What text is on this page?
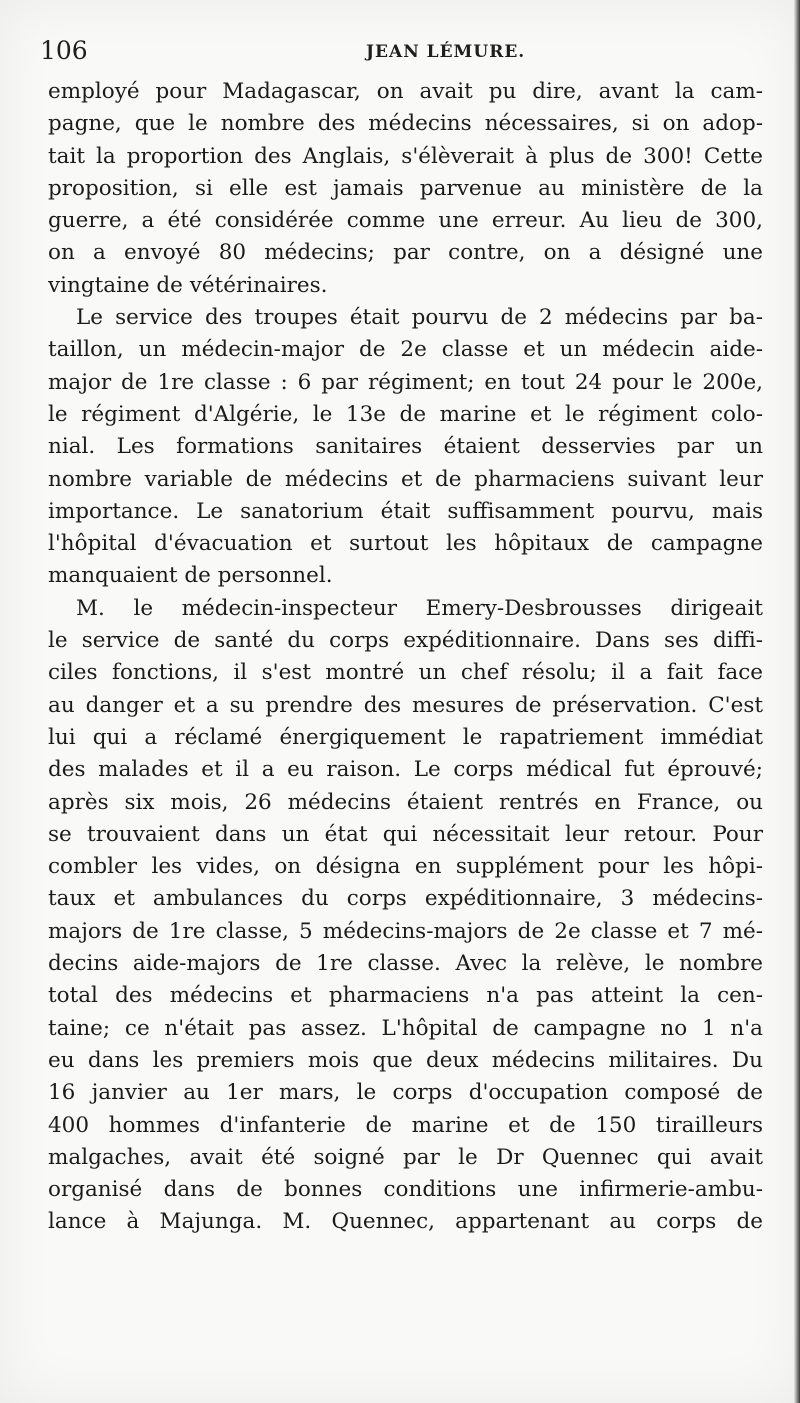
106	JEAN LÉMURE.
employé pour Madagascar, on avait pu dire, avant la cam-
pagne, que le nombre des médecins nécessaires, si on adop-
tait la proportion des Anglais, s'élèverait à plus de 300! Cette
proposition, si elle est jamais parvenue au ministère de la
guerre, a été considérée comme une erreur. Au lieu de 300,
on a envoyé 80 médecins; par contre, on a désigné une
vingtaine de vétérinaires.
Le service des troupes était pourvu de 2 médecins par ba-
taillon, un médecin-major de 2e classe et un médecin aide-
major de 1re classe : 6 par régiment; en tout 24 pour le 200e,
le régiment d'Algérie, le 13e de marine et le régiment colo-
nial. Les formations sanitaires étaient desservies par un
nombre variable de médecins et de pharmaciens suivant leur
importance. Le sanatorium était suffisamment pourvu, mais
l'hôpital d'évacuation et surtout les hôpitaux de campagne
manquaient de personnel.
M. le médecin-inspecteur Emery-Desbrousses dirigeait
le service de santé du corps expéditionnaire. Dans ses diffi-
ciles fonctions, il s'est montré un chef résolu; il a fait face
au danger et a su prendre des mesures de préservation. C'est
lui qui a réclamé énergiquement le rapatriement immédiat
des malades et il a eu raison. Le corps médical fut éprouvé;
après six mois, 26 médecins étaient rentrés en France, ou
se trouvaient dans un état qui nécessitait leur retour. Pour
combler les vides, on désigna en supplément pour les hôpi-
taux et ambulances du corps expéditionnaire, 3 médecins-
majors de 1re classe, 5 médecins-majors de 2e classe et 7 mé-
decins aide-majors de 1re classe. Avec la relève, le nombre
total des médecins et pharmaciens n'a pas atteint la cen-
taine; ce n'était pas assez. L'hôpital de campagne no 1 n'a
eu dans les premiers mois que deux médecins militaires. Du
16 janvier au 1er mars, le corps d'occupation composé de
400 hommes d'infanterie de marine et de 150 tirailleurs
malgaches, avait été soigné par le Dr Quennec qui avait
organisé dans de bonnes conditions une infirmerie-ambu-
lance à Majunga. M. Quennec, appartenant au corps de
